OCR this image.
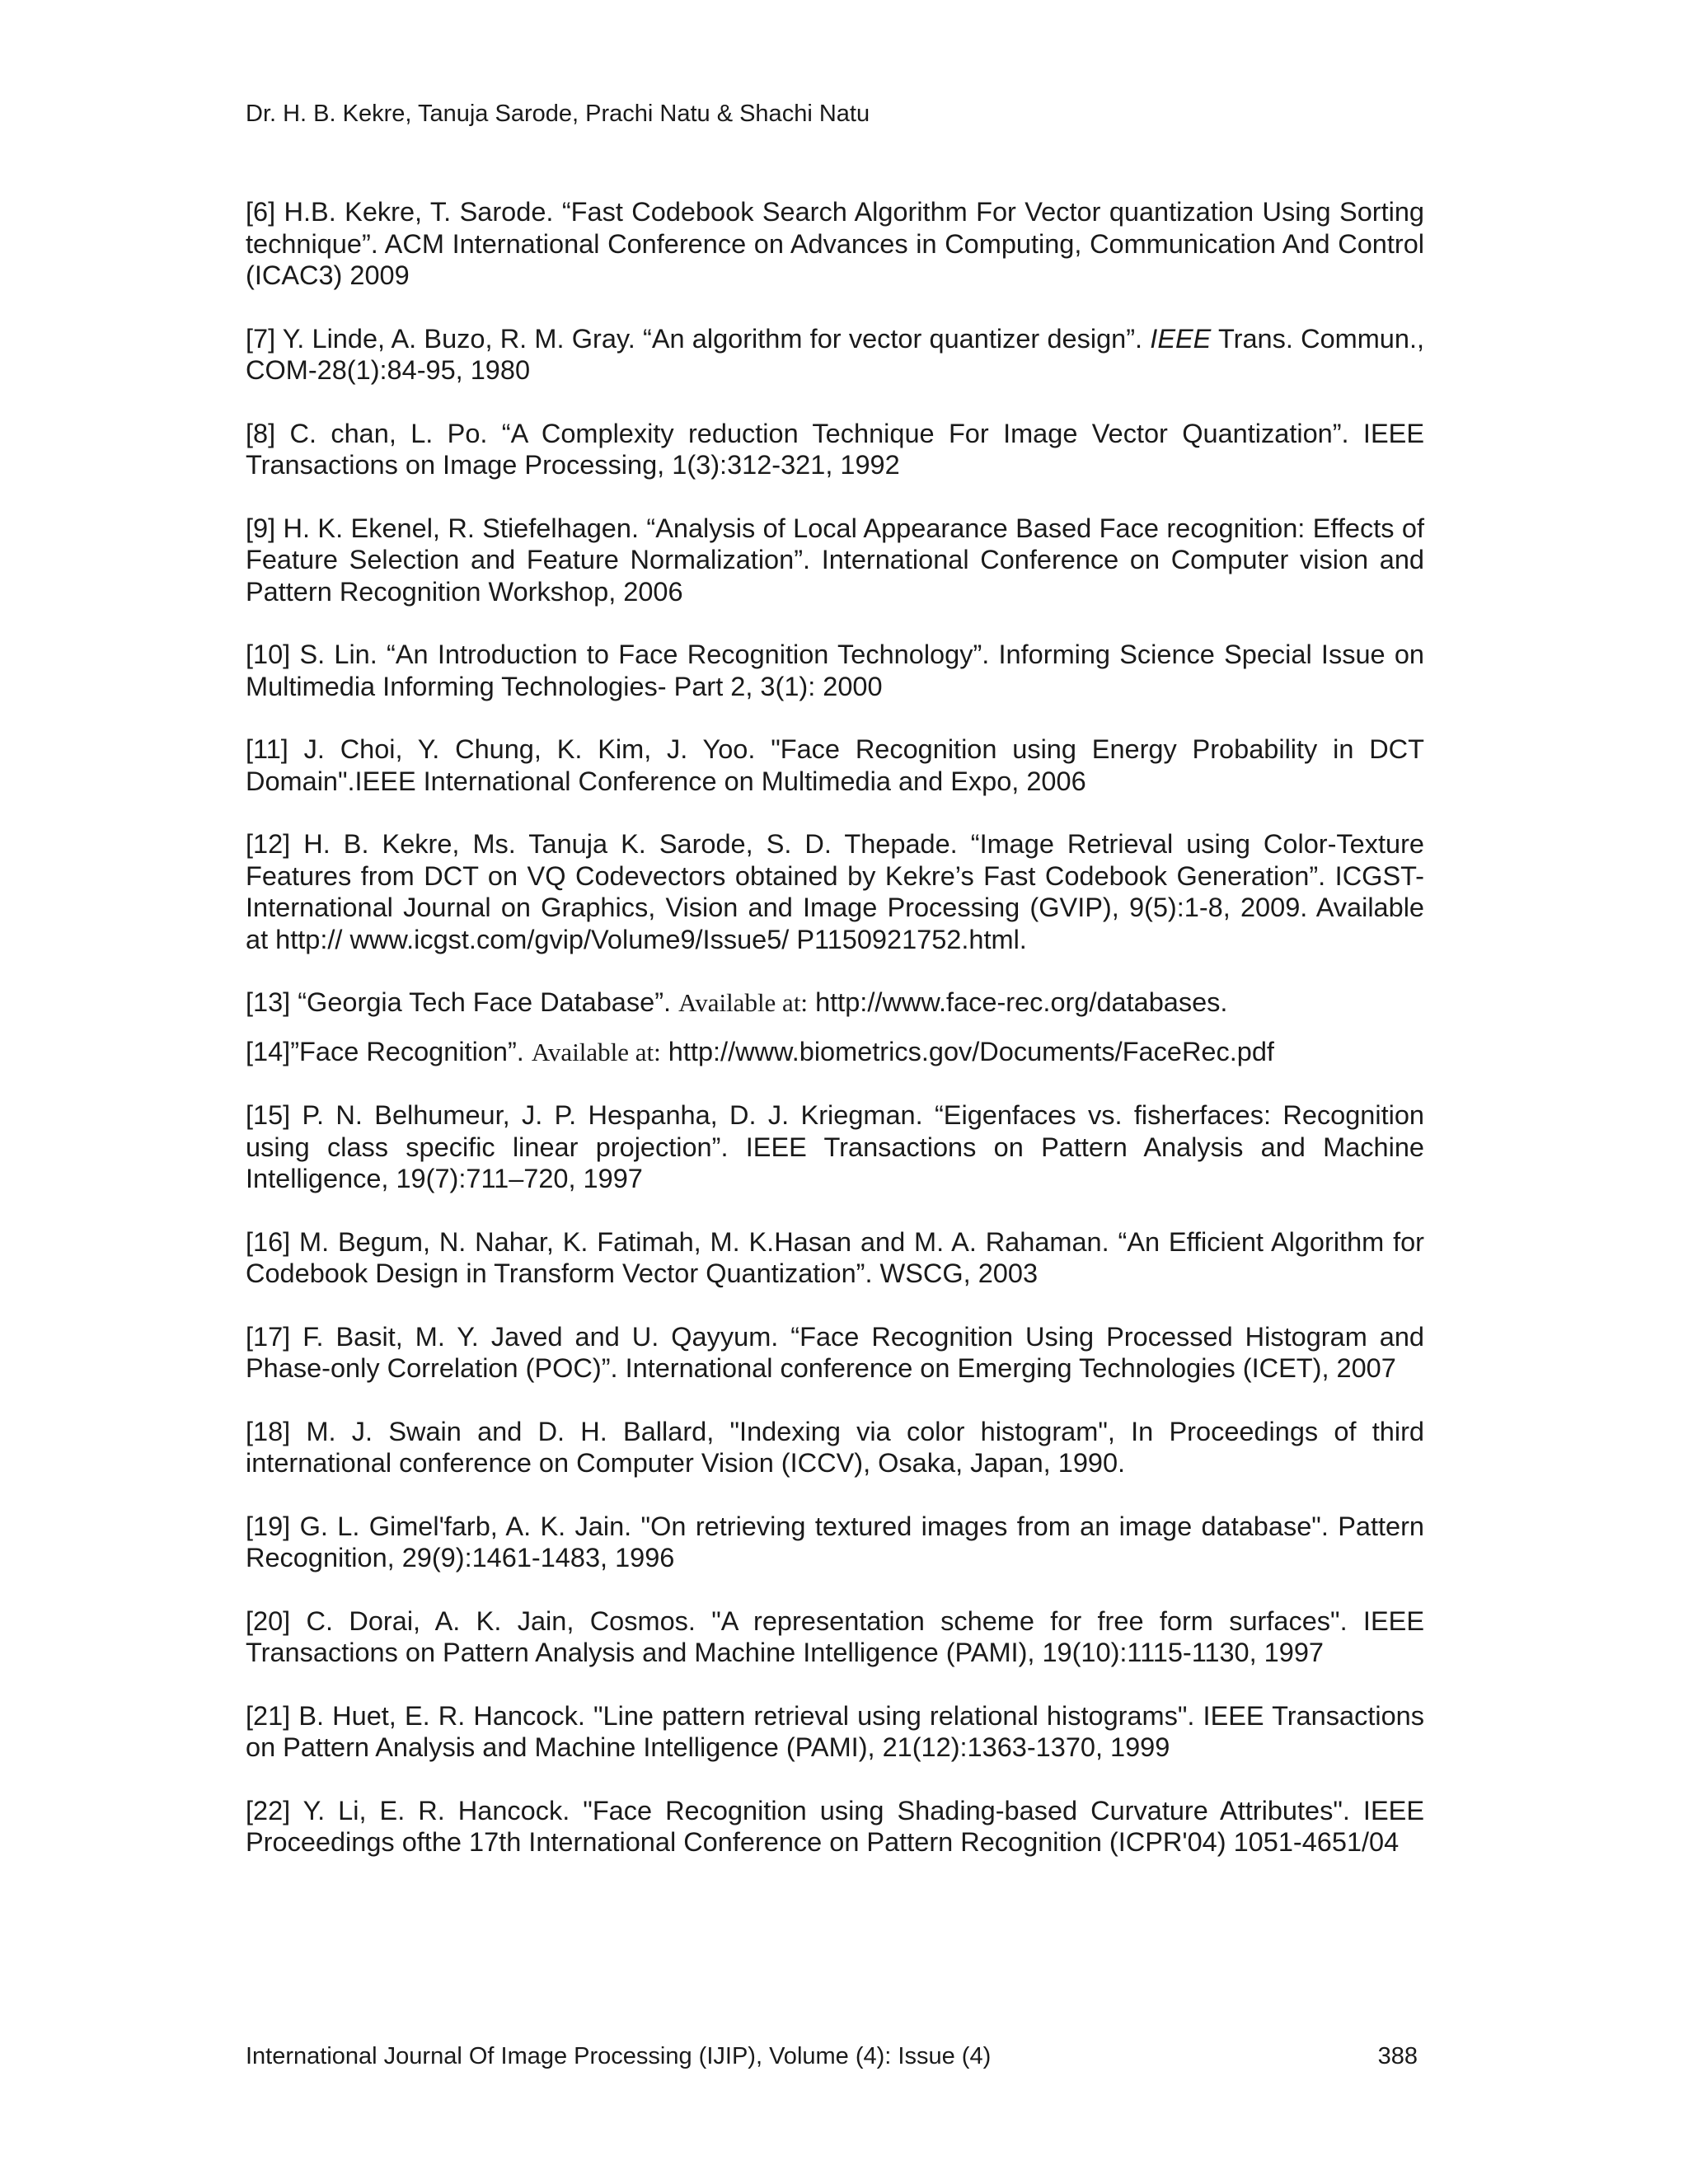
Dr. H. B. Kekre, Tanuja Sarode, Prachi Natu & Shachi Natu

[6] H.B. Kekre, T. Sarode. “Fast Codebook Search Algorithm For Vector quantization Using Sorting technique”. ACM International Conference on Advances in Computing, Communication And Control (ICAC3) 2009

[7] Y. Linde, A. Buzo, R. M. Gray. “An algorithm for vector quantizer design”. IEEE Trans. Commun., COM-28(1):84-95, 1980

[8] C. chan, L. Po. “A Complexity reduction Technique For Image Vector Quantization”. IEEE Transactions on Image Processing, 1(3):312-321, 1992

[9] H. K. Ekenel, R. Stiefelhagen. “Analysis of Local Appearance Based Face recognition: Effects of Feature Selection and Feature Normalization”. International Conference on Computer vision and Pattern Recognition Workshop, 2006

[10] S. Lin. “An Introduction to Face Recognition Technology”. Informing Science Special Issue on Multimedia Informing Technologies- Part 2, 3(1): 2000

[11] J. Choi, Y. Chung, K. Kim, J. Yoo. "Face Recognition using Energy Probability in DCT Domain".IEEE International Conference on Multimedia and Expo, 2006

[12] H. B. Kekre, Ms. Tanuja K. Sarode, S. D. Thepade. “Image Retrieval using Color-Texture Features from DCT on VQ Codevectors obtained by Kekre’s Fast Codebook Generation”. ICGST-International Journal on Graphics, Vision and Image Processing (GVIP), 9(5):1-8, 2009. Available at http:// www.icgst.com/gvip/Volume9/Issue5/ P1150921752.html.

[13] “Georgia Tech Face Database”. Available at: http://www.face-rec.org/databases.

[14]”Face Recognition”. Available at: http://www.biometrics.gov/Documents/FaceRec.pdf

[15] P. N. Belhumeur, J. P. Hespanha, D. J. Kriegman. “Eigenfaces vs. fisherfaces: Recognition using class specific linear projection”. IEEE Transactions on Pattern Analysis and Machine Intelligence, 19(7):711–720, 1997

[16] M. Begum, N. Nahar, K. Fatimah, M. K.Hasan and M. A. Rahaman. “An Efficient Algorithm for Codebook Design in Transform Vector Quantization”. WSCG, 2003

[17] F. Basit, M. Y. Javed and U. Qayyum. “Face Recognition Using Processed Histogram and Phase-only Correlation (POC)”. International conference on Emerging Technologies (ICET), 2007

[18] M. J. Swain and D. H. Ballard, "Indexing via color histogram", In Proceedings of third international conference on Computer Vision (ICCV), Osaka, Japan, 1990.

[19] G. L. Gimel'farb, A. K. Jain. "On retrieving textured images from an image database". Pattern Recognition, 29(9):1461-1483, 1996

[20] C. Dorai, A. K. Jain, Cosmos. "A representation scheme for free form surfaces". IEEE Transactions on Pattern Analysis and Machine Intelligence (PAMI), 19(10):1115-1130, 1997

[21] B. Huet, E. R. Hancock. "Line pattern retrieval using relational histograms". IEEE Transactions on Pattern Analysis and Machine Intelligence (PAMI), 21(12):1363-1370, 1999

[22] Y. Li, E. R. Hancock. "Face Recognition using Shading-based Curvature Attributes". IEEE Proceedings ofthe 17th International Conference on Pattern Recognition (ICPR'04) 1051-4651/04

International Journal Of Image Processing (IJIP), Volume (4): Issue (4)	388
